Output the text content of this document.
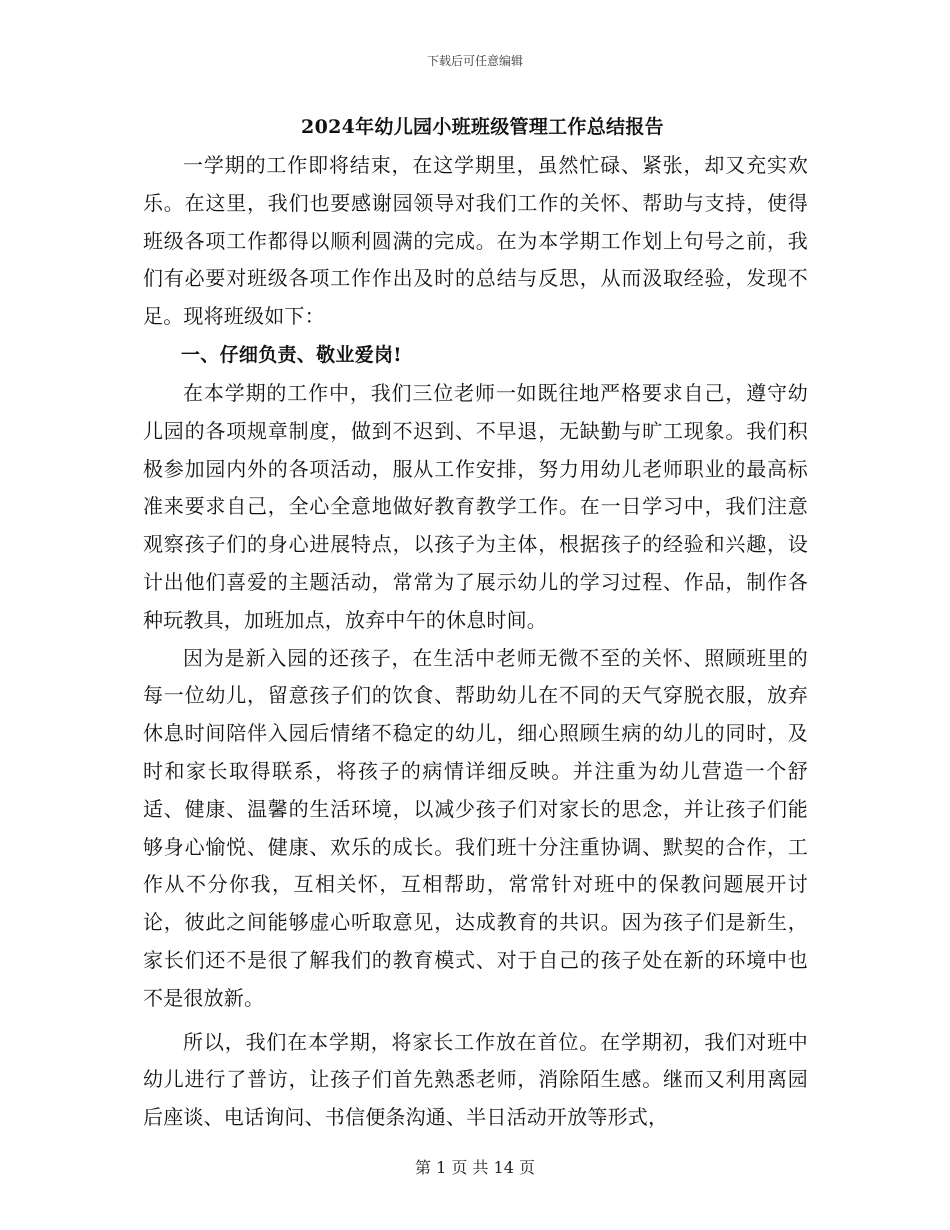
下载后可任意编辑
2024年幼儿园小班班级管理工作总结报告

一学期的工作即将结束，在这学期里，虽然忙碌、紧张，却又充实欢乐。在这里，我们也要感谢园领导对我们工作的关怀、帮助与支持，使得班级各项工作都得以顺利圆满的完成。在为本学期工作划上句号之前，我们有必要对班级各项工作作出及时的总结与反思，从而汲取经验，发现不足。现将班级如下：

一、仔细负责、敬业爱岗!

在本学期的工作中，我们三位老师一如既往地严格要求自己，遵守幼儿园的各项规章制度，做到不迟到、不早退，无缺勤与旷工现象。我们积极参加园内外的各项活动，服从工作安排，努力用幼儿老师职业的最高标准来要求自己，全心全意地做好教育教学工作。在一日学习中，我们注意观察孩子们的身心进展特点，以孩子为主体，根据孩子的经验和兴趣，设计出他们喜爱的主题活动，常常为了展示幼儿的学习过程、作品，制作各种玩教具，加班加点，放弃中午的休息时间。

因为是新入园的还孩子，在生活中老师无微不至的关怀、照顾班里的每一位幼儿，留意孩子们的饮食、帮助幼儿在不同的天气穿脱衣服，放弃休息时间陪伴入园后情绪不稳定的幼儿，细心照顾生病的幼儿的同时，及时和家长取得联系，将孩子的病情详细反映。并注重为幼儿营造一个舒适、健康、温馨的生活环境，以减少孩子们对家长的思念，并让孩子们能够身心愉悦、健康、欢乐的成长。我们班十分注重协调、默契的合作，工作从不分你我，互相关怀，互相帮助，常常针对班中的保教问题展开讨论，彼此之间能够虚心听取意见，达成教育的共识。因为孩子们是新生，家长们还不是很了解我们的教育模式、对于自己的孩子处在新的环境中也不是很放新。

所以，我们在本学期，将家长工作放在首位。在学期初，我们对班中幼儿进行了普访，让孩子们首先熟悉老师，消除陌生感。继而又利用离园后座谈、电话询问、书信便条沟通、半日活动开放等形式，

第 1 页 共 14 页
